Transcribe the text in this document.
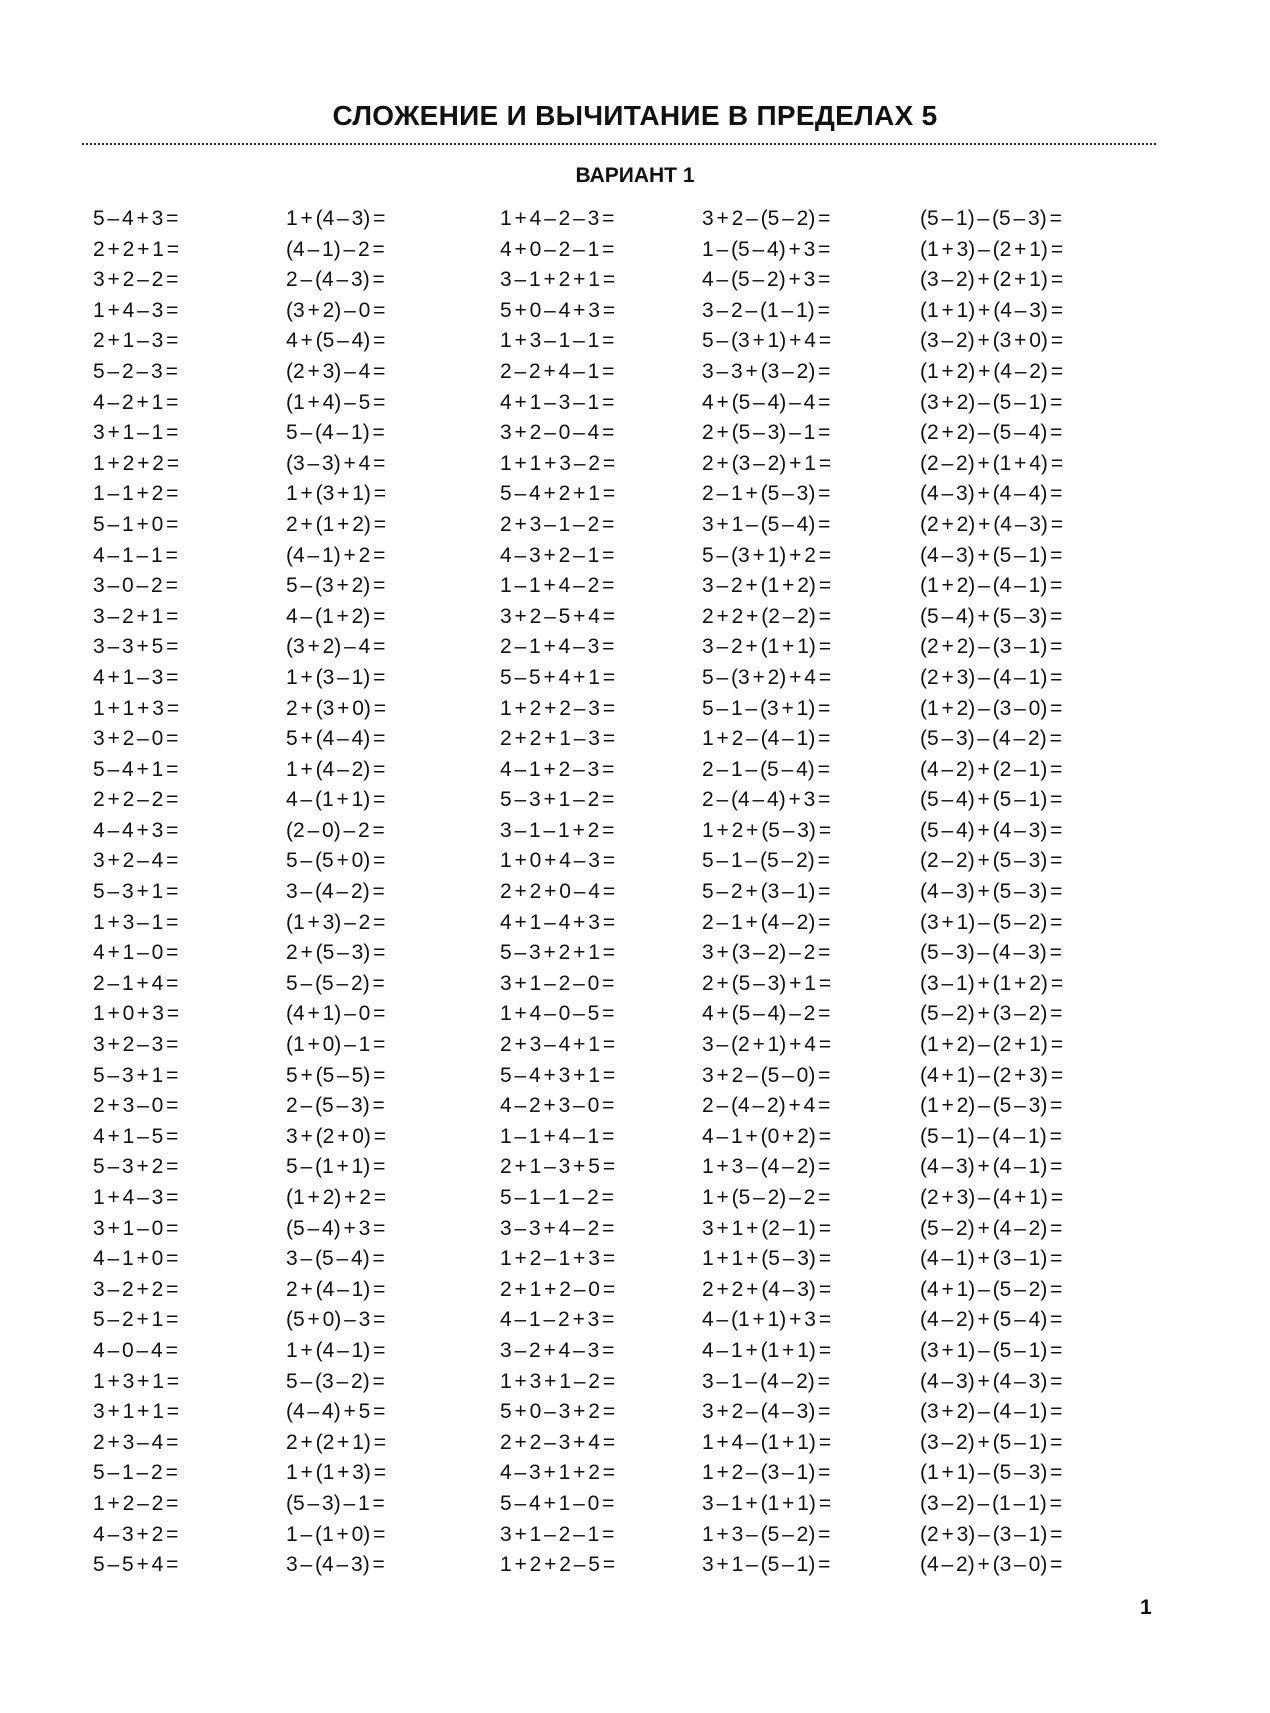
СЛОЖЕНИЕ И ВЫЧИТАНИЕ В ПРЕДЕЛАХ 5
ВАРИАНТ 1
5 – 4 + 3 =
2 + 2 + 1 =
3 + 2 – 2 =
1 + 4 – 3 =
2 + 1 – 3 =
5 – 2 – 3 =
4 – 2 + 1 =
3 + 1 – 1 =
1 + 2 + 2 =
1 – 1 + 2 =
5 – 1 + 0 =
4 – 1 – 1 =
3 – 0 – 2 =
3 – 2 + 1 =
3 – 3 + 5 =
4 + 1 – 3 =
1 + 1 + 3 =
3 + 2 – 0 =
5 – 4 + 1 =
2 + 2 – 2 =
4 – 4 + 3 =
3 + 2 – 4 =
5 – 3 + 1 =
1 + 3 – 1 =
4 + 1 – 0 =
2 – 1 + 4 =
1 + 0 + 3 =
3 + 2 – 3 =
5 – 3 + 1 =
2 + 3 – 0 =
4 + 1 – 5 =
5 – 3 + 2 =
1 + 4 – 3 =
3 + 1 – 0 =
4 – 1 + 0 =
3 – 2 + 2 =
5 – 2 + 1 =
4 – 0 – 4 =
1 + 3 + 1 =
3 + 1 + 1 =
2 + 3 – 4 =
5 – 1 – 2 =
1 + 2 – 2 =
4 – 3 + 2 =
5 – 5 + 4 =
1 + (4 – 3) =
(4 – 1) – 2 =
2 – (4 – 3) =
(3 + 2) – 0 =
4 + (5 – 4) =
(2 + 3) – 4 =
(1 + 4) – 5 =
5 – (4 – 1) =
(3 – 3) + 4 =
1 + (3 + 1) =
2 + (1 + 2) =
(4 – 1) + 2 =
5 – (3 + 2) =
4 – (1 + 2) =
(3 + 2) – 4 =
1 + (3 – 1) =
2 + (3 + 0) =
5 + (4 – 4) =
1 + (4 – 2) =
4 – (1 + 1) =
(2 – 0) – 2 =
5 – (5 + 0) =
3 – (4 – 2) =
(1 + 3) – 2 =
2 + (5 – 3) =
5 – (5 – 2) =
(4 + 1) – 0 =
(1 + 0) – 1 =
5 + (5 – 5) =
2 – (5 – 3) =
3 + (2 + 0) =
5 – (1 + 1) =
(1 + 2) + 2 =
(5 – 4) + 3 =
3 – (5 – 4) =
2 + (4 – 1) =
(5 + 0) – 3 =
1 + (4 – 1) =
5 – (3 – 2) =
(4 – 4) + 5 =
2 + (2 + 1) =
1 + (1 + 3) =
(5 – 3) – 1 =
1 – (1 + 0) =
3 – (4 – 3) =
1 + 4 – 2 – 3 =
4 + 0 – 2 – 1 =
3 – 1 + 2 + 1 =
5 + 0 – 4 + 3 =
1 + 3 – 1 – 1 =
2 – 2 + 4 – 1 =
4 + 1 – 3 – 1 =
3 + 2 – 0 – 4 =
1 + 1 + 3 – 2 =
5 – 4 + 2 + 1 =
2 + 3 – 1 – 2 =
4 – 3 + 2 – 1 =
1 – 1 + 4 – 2 =
3 + 2 – 5 + 4 =
2 – 1 + 4 – 3 =
5 – 5 + 4 + 1 =
1 + 2 + 2 – 3 =
2 + 2 + 1 – 3 =
4 – 1 + 2 – 3 =
5 – 3 + 1 – 2 =
3 – 1 – 1 + 2 =
1 + 0 + 4 – 3 =
2 + 2 + 0 – 4 =
4 + 1 – 4 + 3 =
5 – 3 + 2 + 1 =
3 + 1 – 2 – 0 =
1 + 4 – 0 – 5 =
2 + 3 – 4 + 1 =
5 – 4 + 3 + 1 =
4 – 2 + 3 – 0 =
1 – 1 + 4 – 1 =
2 + 1 – 3 + 5 =
5 – 1 – 1 – 2 =
3 – 3 + 4 – 2 =
1 + 2 – 1 + 3 =
2 + 1 + 2 – 0 =
4 – 1 – 2 + 3 =
3 – 2 + 4 – 3 =
1 + 3 + 1 – 2 =
5 + 0 – 3 + 2 =
2 + 2 – 3 + 4 =
4 – 3 + 1 + 2 =
5 – 4 + 1 – 0 =
3 + 1 – 2 – 1 =
1 + 2 + 2 – 5 =
3 + 2 – (5 – 2) =
1 – (5 – 4) + 3 =
4 – (5 – 2) + 3 =
3 – 2 – (1 – 1) =
5 – (3 + 1) + 4 =
3 – 3 + (3 – 2) =
4 + (5 – 4) – 4 =
2 + (5 – 3) – 1 =
2 + (3 – 2) + 1 =
2 – 1 + (5 – 3) =
3 + 1 – (5 – 4) =
5 – (3 + 1) + 2 =
3 – 2 + (1 + 2) =
2 + 2 + (2 – 2) =
3 – 2 + (1 + 1) =
5 – (3 + 2) + 4 =
5 – 1 – (3 + 1) =
1 + 2 – (4 – 1) =
2 – 1 – (5 – 4) =
2 – (4 – 4) + 3 =
1 + 2 + (5 – 3) =
5 – 1 – (5 – 2) =
5 – 2 + (3 – 1) =
2 – 1 + (4 – 2) =
3 + (3 – 2) – 2 =
2 + (5 – 3) + 1 =
4 + (5 – 4) – 2 =
3 – (2 + 1) + 4 =
3 + 2 – (5 – 0) =
2 – (4 – 2) + 4 =
4 – 1 + (0 + 2) =
1 + 3 – (4 – 2) =
1 + (5 – 2) – 2 =
3 + 1 + (2 – 1) =
1 + 1 + (5 – 3) =
2 + 2 + (4 – 3) =
4 – (1 + 1) + 3 =
4 – 1 + (1 + 1) =
3 – 1 – (4 – 2) =
3 + 2 – (4 – 3) =
1 + 4 – (1 + 1) =
1 + 2 – (3 – 1) =
3 – 1 + (1 + 1) =
1 + 3 – (5 – 2) =
3 + 1 – (5 – 1) =
(5 – 1) – (5 – 3) =
(1 + 3) – (2 + 1) =
(3 – 2) + (2 + 1) =
(1 + 1) + (4 – 3) =
(3 – 2) + (3 + 0) =
(1 + 2) + (4 – 2) =
(3 + 2) – (5 – 1) =
(2 + 2) – (5 – 4) =
(2 – 2) + (1 + 4) =
(4 – 3) + (4 – 4) =
(2 + 2) + (4 – 3) =
(4 – 3) + (5 – 1) =
(1 + 2) – (4 – 1) =
(5 – 4) + (5 – 3) =
(2 + 2) – (3 – 1) =
(2 + 3) – (4 – 1) =
(1 + 2) – (3 – 0) =
(5 – 3) – (4 – 2) =
(4 – 2) + (2 – 1) =
(5 – 4) + (5 – 1) =
(5 – 4) + (4 – 3) =
(2 – 2) + (5 – 3) =
(4 – 3) + (5 – 3) =
(3 + 1) – (5 – 2) =
(5 – 3) – (4 – 3) =
(3 – 1) + (1 + 2) =
(5 – 2) + (3 – 2) =
(1 + 2) – (2 + 1) =
(4 + 1) – (2 + 3) =
(1 + 2) – (5 – 3) =
(5 – 1) – (4 – 1) =
(4 – 3) + (4 – 1) =
(2 + 3) – (4 + 1) =
(5 – 2) + (4 – 2) =
(4 – 1) + (3 – 1) =
(4 + 1) – (5 – 2) =
(4 – 2) + (5 – 4) =
(3 + 1) – (5 – 1) =
(4 – 3) + (4 – 3) =
(3 + 2) – (4 – 1) =
(3 – 2) + (5 – 1) =
(1 + 1) – (5 – 3) =
(3 – 2) – (1 – 1) =
(2 + 3) – (3 – 1) =
(4 – 2) + (3 – 0) =
1
